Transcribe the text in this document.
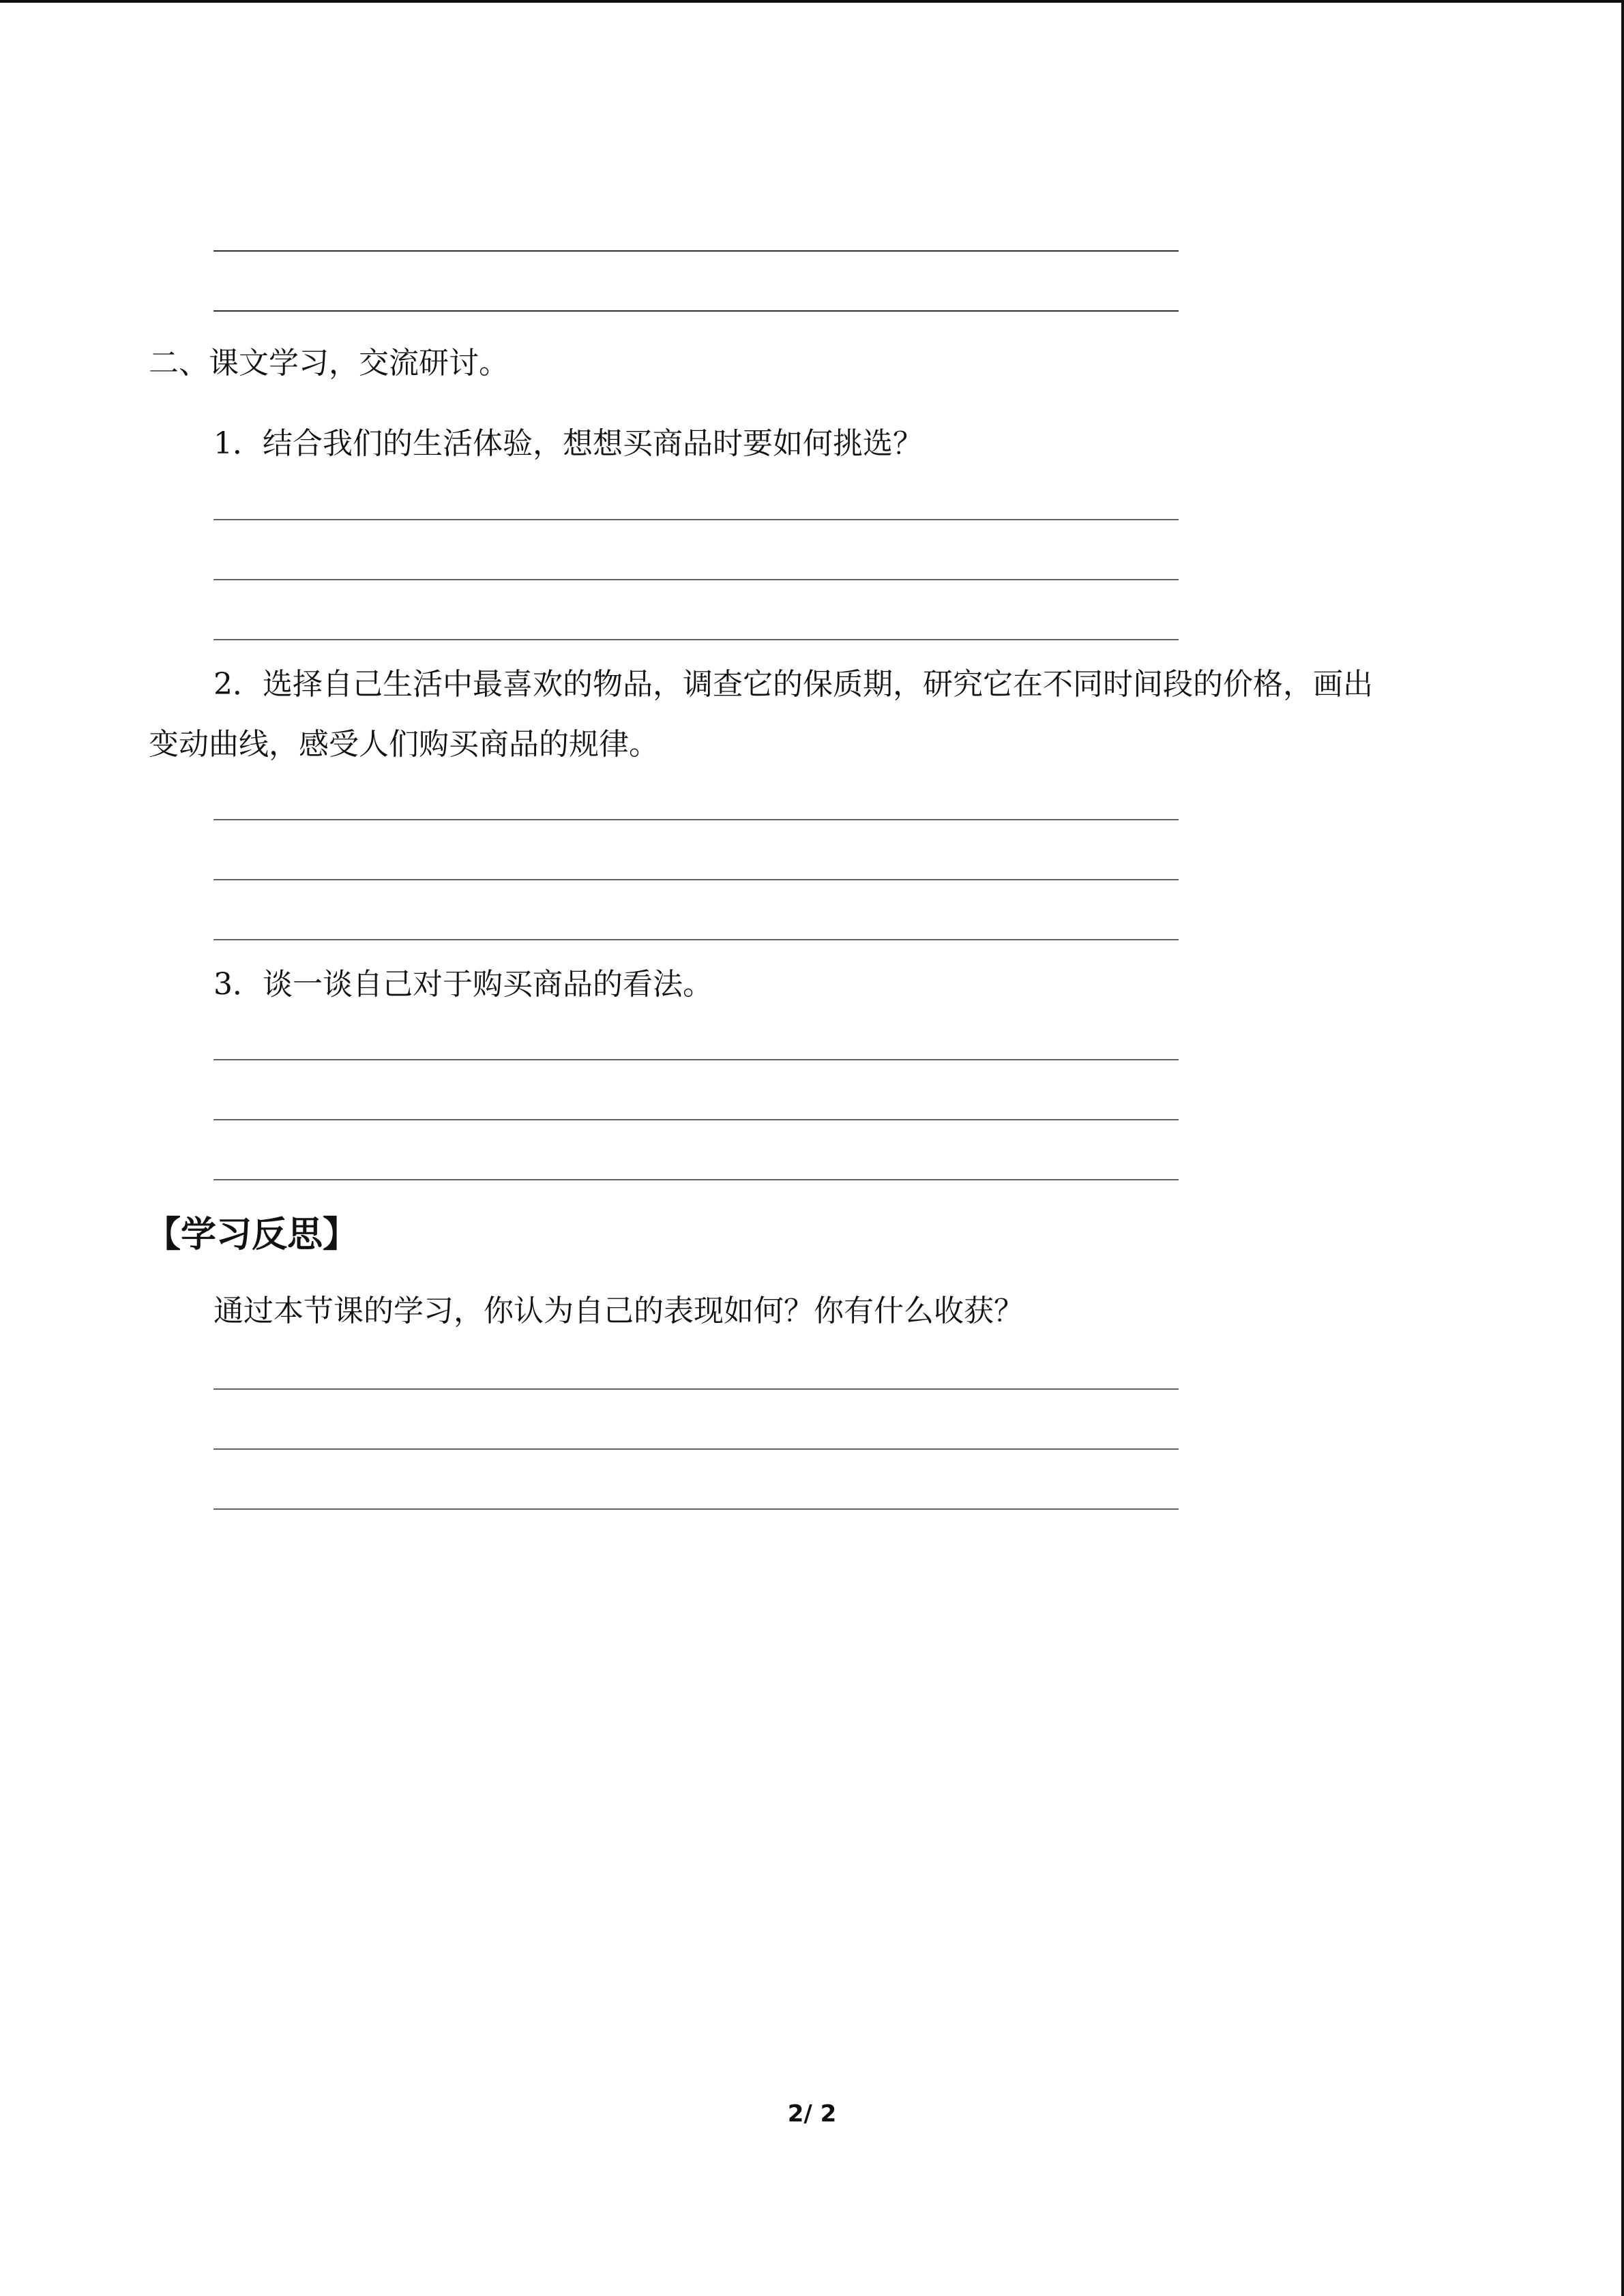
二、课文学习，交流研讨。
1．结合我们的生活体验，想想买商品时要如何挑选？
2．选择自己生活中最喜欢的物品，调查它的保质期，研究它在不同时间段的价格，画出
变动曲线，感受人们购买商品的规律。
3．谈一谈自己对于购买商品的看法。
【学习反思】
通过本节课的学习，你认为自己的表现如何？你有什么收获？
2/ 2
